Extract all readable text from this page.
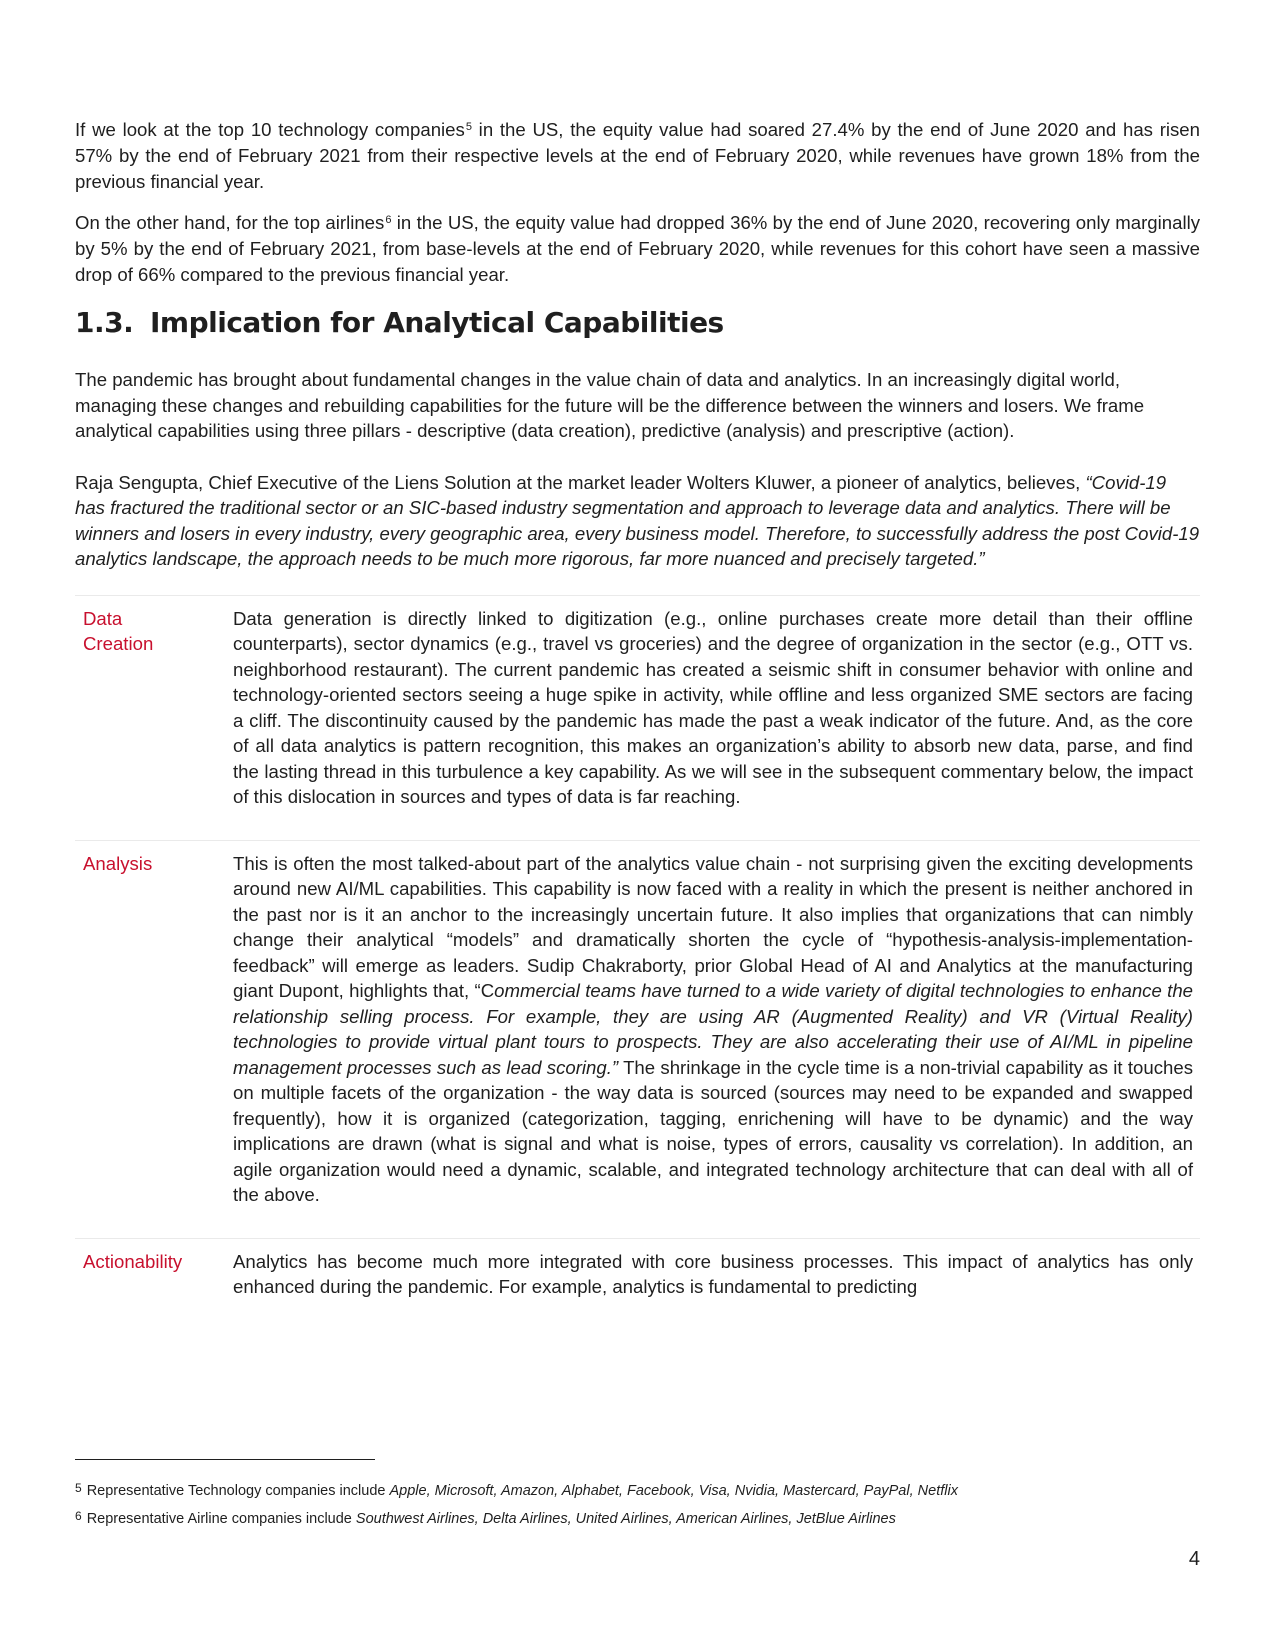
If we look at the top 10 technology companies$^5$ in the US, the equity value had soared 27.4% by the end of June 2020 and has risen 57% by the end of February 2021 from their respective levels at the end of February 2020, while revenues have grown 18% from the previous financial year.

On the other hand, for the top airlines$^6$ in the US, the equity value had dropped 36% by the end of June 2020, recovering only marginally by 5% by the end of February 2021, from base-levels at the end of February 2020, while revenues for this cohort have seen a massive drop of 66% compared to the previous financial year.

1.3. Implication for Analytical Capabilities

The pandemic has brought about fundamental changes in the value chain of data and analytics. In an increasingly digital world, managing these changes and rebuilding capabilities for the future will be the difference between the winners and losers. We frame analytical capabilities using three pillars - descriptive (data creation), predictive (analysis) and prescriptive (action).

Raja Sengupta, Chief Executive of the Liens Solution at the market leader Wolters Kluwer, a pioneer of analytics, believes, “Covid-19 has fractured the traditional sector or an SIC-based industry segmentation and approach to leverage data and analytics. There will be winners and losers in every industry, every geographic area, every business model. Therefore, to successfully address the post Covid-19 analytics landscape, the approach needs to be much more rigorous, far more nuanced and precisely targeted.”

Data
Creation	Data generation is directly linked to digitization (e.g., online purchases create more detail than their offline counterparts), sector dynamics (e.g., travel vs groceries) and the degree of organization in the sector (e.g., OTT vs. neighborhood restaurant). The current pandemic has created a seismic shift in consumer behavior with online and technology-oriented sectors seeing a huge spike in activity, while offline and less organized SME sectors are facing a cliff. The discontinuity caused by the pandemic has made the past a weak indicator of the future. And, as the core of all data analytics is pattern recognition, this makes an organization’s ability to absorb new data, parse, and find the lasting thread in this turbulence a key capability. As we will see in the subsequent commentary below, the impact of this dislocation in sources and types of data is far reaching.
Analysis	This is often the most talked-about part of the analytics value chain - not surprising given the exciting developments around new AI/ML capabilities. This capability is now faced with a reality in which the present is neither anchored in the past nor is it an anchor to the increasingly uncertain future. It also implies that organizations that can nimbly change their analytical “models” and dramatically shorten the cycle of “hypothesis-analysis-implementation-feedback” will emerge as leaders. Sudip Chakraborty, prior Global Head of AI and Analytics at the manufacturing giant Dupont, highlights that, “Commercial teams have turned to a wide variety of digital technologies to enhance the relationship selling process. For example, they are using AR (Augmented Reality) and VR (Virtual Reality) technologies to provide virtual plant tours to prospects. They are also accelerating their use of AI/ML in pipeline management processes such as lead scoring.” The shrinkage in the cycle time is a non-trivial capability as it touches on multiple facets of the organization - the way data is sourced (sources may need to be expanded and swapped frequently), how it is organized (categorization, tagging, enrichening will have to be dynamic) and the way implications are drawn (what is signal and what is noise, types of errors, causality vs correlation). In addition, an agile organization would need a dynamic, scalable, and integrated technology architecture that can deal with all of the above.
Actionability	Analytics has become much more integrated with core business processes. This impact of analytics has only enhanced during the pandemic. For example, analytics is fundamental to predicting
$^5$ Representative Technology companies include Apple, Microsoft, Amazon, Alphabet, Facebook, Visa, Nvidia, Mastercard, PayPal, Netflix
$^6$ Representative Airline companies include Southwest Airlines, Delta Airlines, United Airlines, American Airlines, JetBlue Airlines
4
